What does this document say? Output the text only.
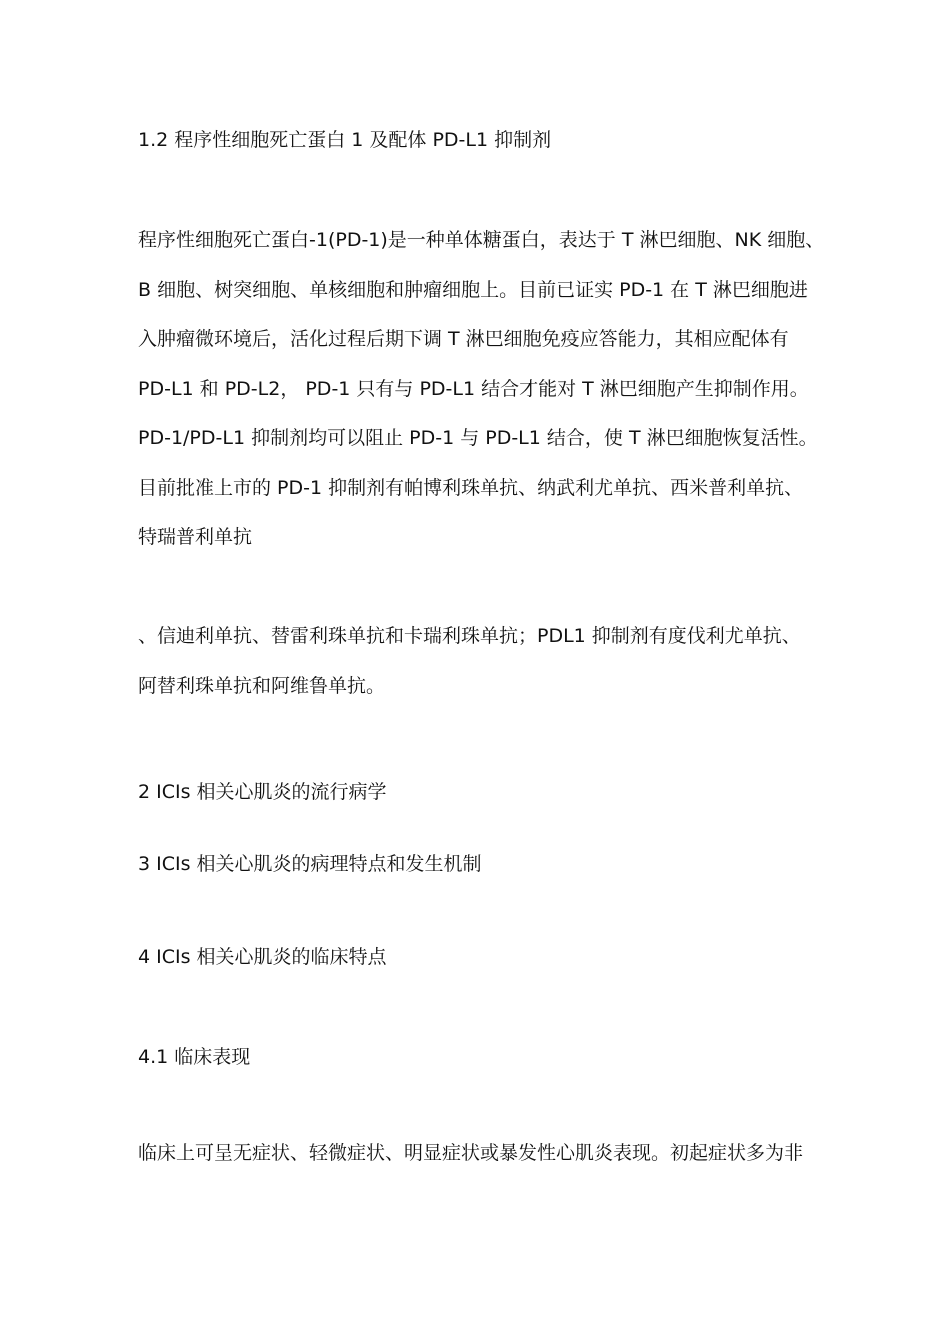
1.2 程序性细胞死亡蛋白 1 及配体 PD-L1 抑制剂
程序性细胞死亡蛋白-1(PD-1)是一种单体糖蛋白，表达于 T 淋巴细胞、NK 细胞、
B 细胞、树突细胞、单核细胞和肿瘤细胞上。目前已证实 PD-1 在 T 淋巴细胞进
入肿瘤微环境后，活化过程后期下调 T 淋巴细胞免疫应答能力，其相应配体有
PD-L1 和 PD-L2， PD-1 只有与 PD-L1 结合才能对 T 淋巴细胞产生抑制作用。
PD-1/PD-L1 抑制剂均可以阻止 PD-1 与 PD-L1 结合，使 T 淋巴细胞恢复活性。
目前批准上市的 PD-1 抑制剂有帕博利珠单抗、纳武利尤单抗、西米普利单抗、
特瑞普利单抗
、信迪利单抗、替雷利珠单抗和卡瑞利珠单抗；PDL1 抑制剂有度伐利尤单抗、
阿替利珠单抗和阿维鲁单抗。
2 ICIs 相关心肌炎的流行病学
3 ICIs 相关心肌炎的病理特点和发生机制
4 ICIs 相关心肌炎的临床特点
4.1 临床表现
临床上可呈无症状、轻微症状、明显症状或暴发性心肌炎表现。初起症状多为非
